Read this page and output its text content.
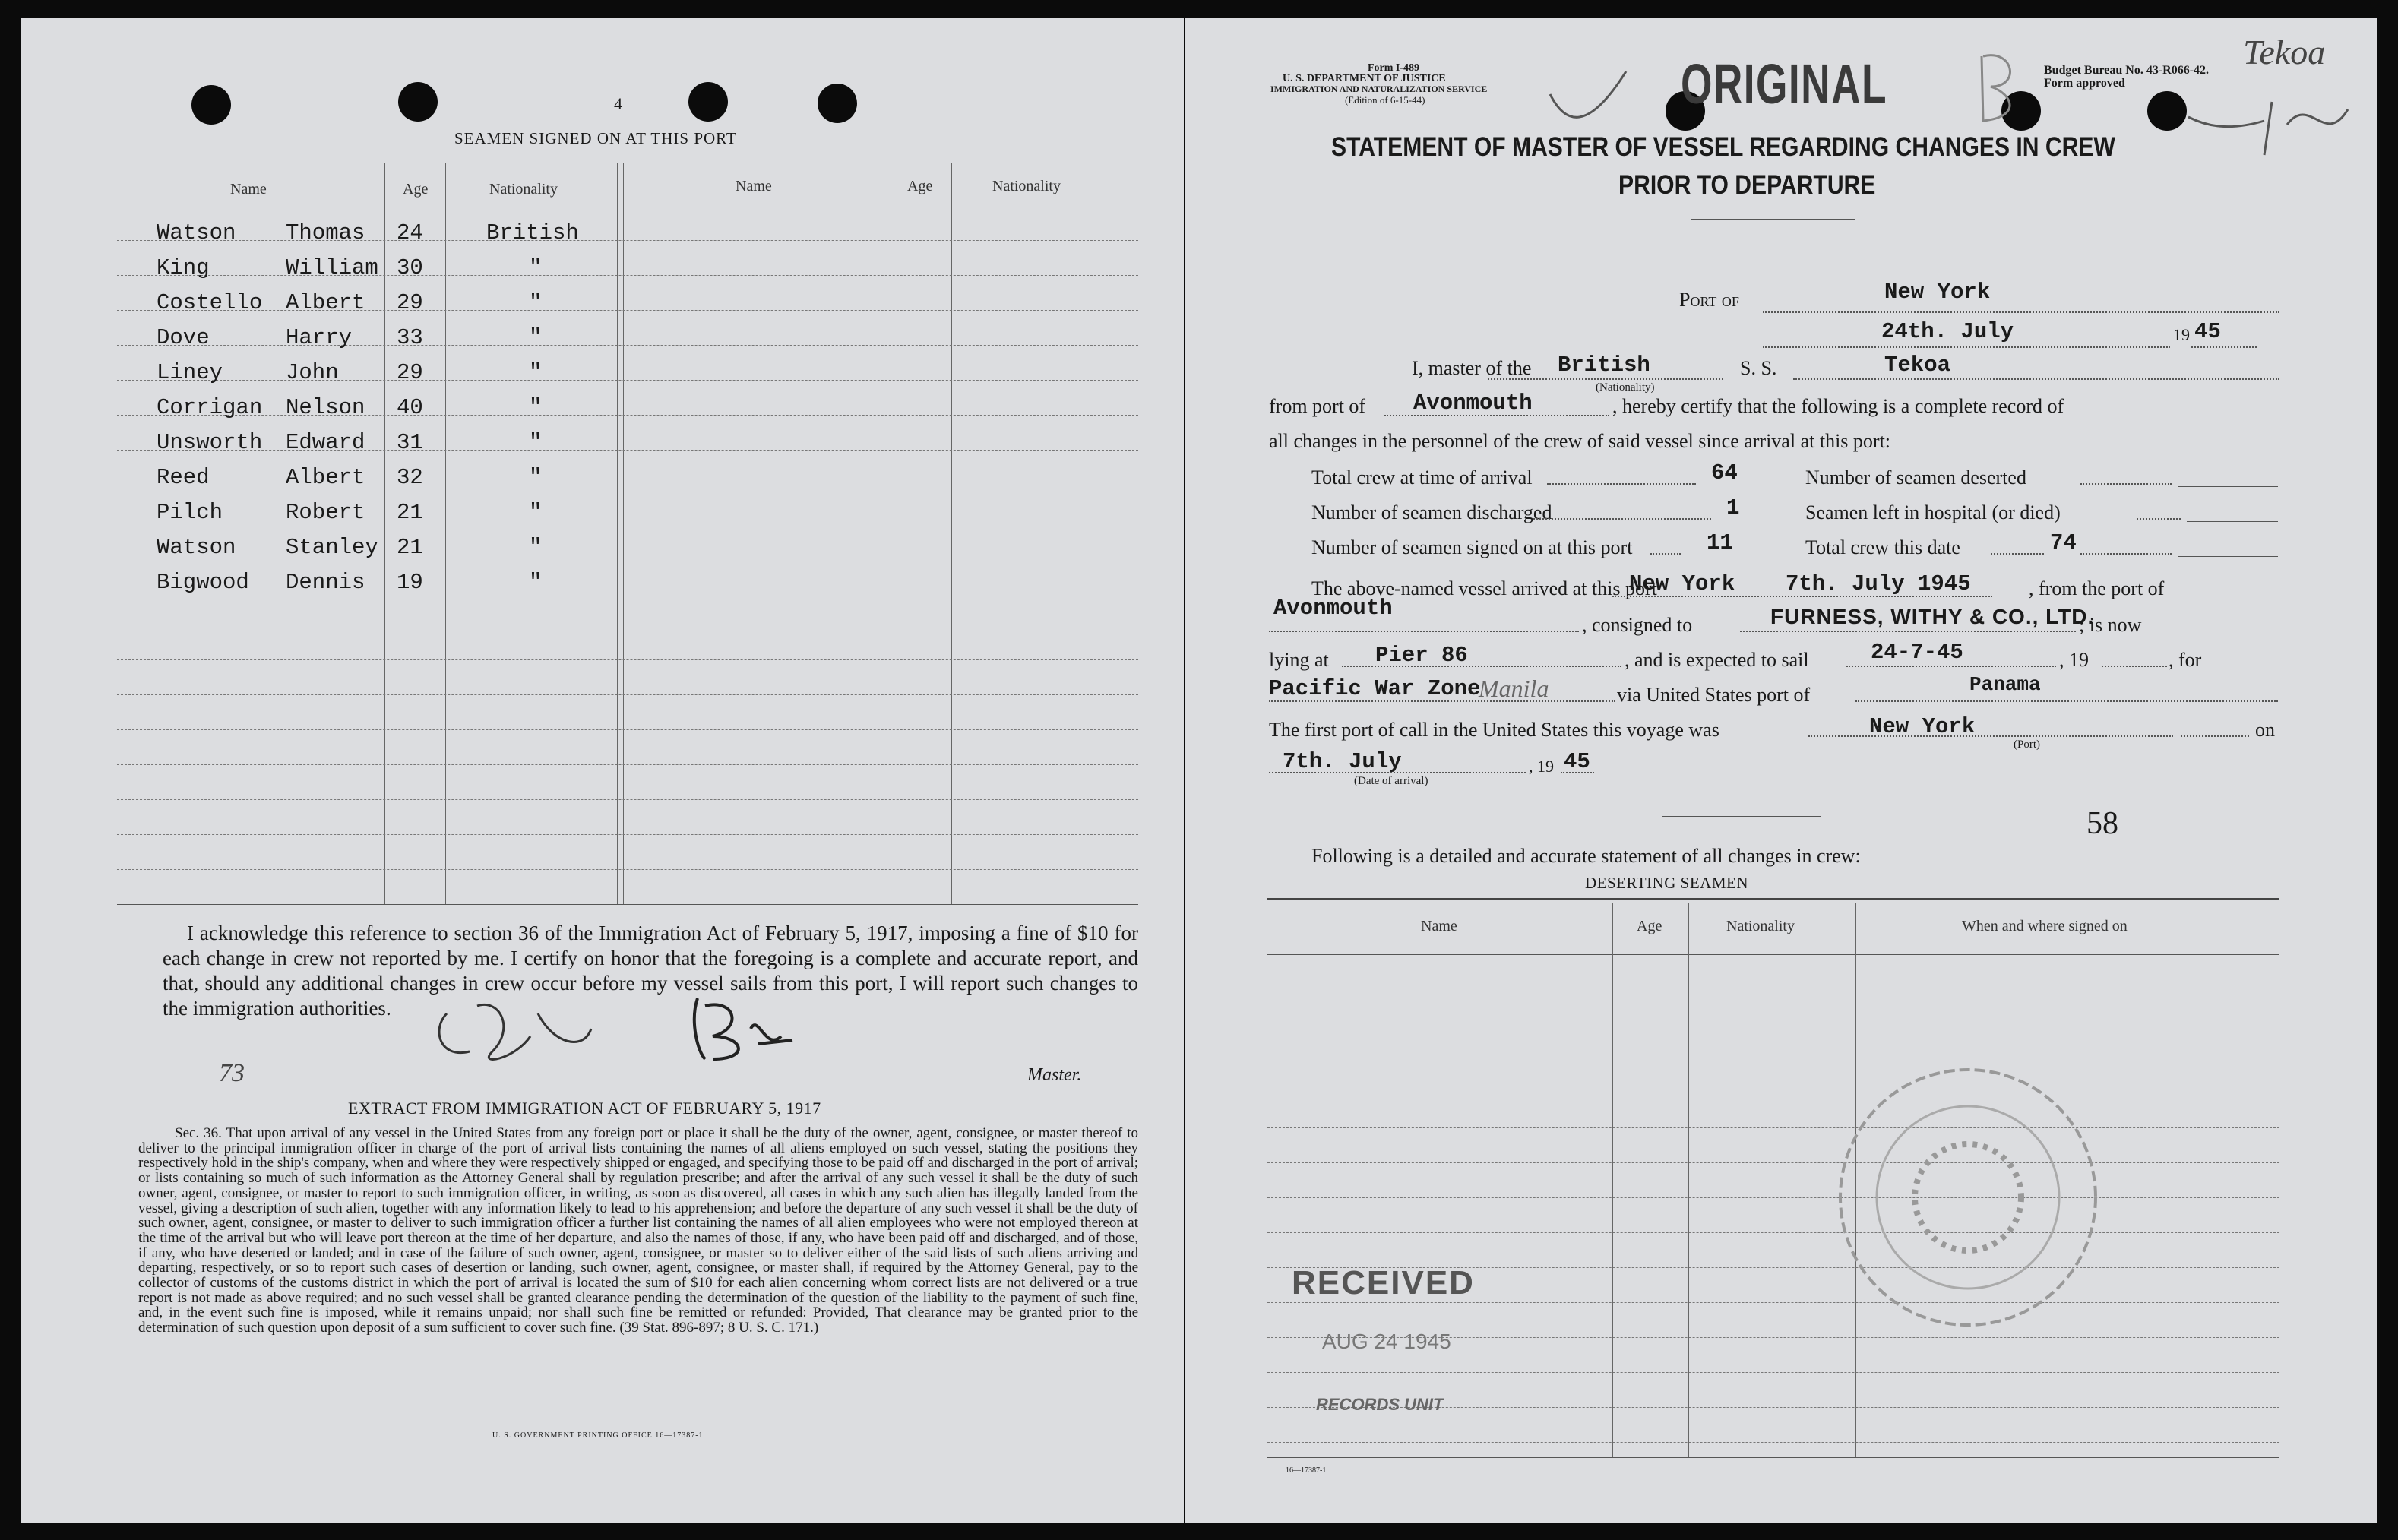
4
SEAMEN SIGNED ON AT THIS PORT
Name	Age	Nationality	Name	Age	Nationality
Watson Thomas 24	British
King	William 30	"
Costello Albert 29	"
Dove	Harry 33	"
Liney	John	29	"
Corrigan Nelson 40	"
Unsworth Edward 31	"
Reed	Albert 32	"
Pilch	Robert 21	"
Watson Stanley 21	"
Bigwood Dennis 19	"
I acknowledge this reference to section 36 of the Immigration Act of February 5, 1917, imposing a fine of $10 for each change in crew not reported by me. I certify on honor that the foregoing is a complete and accurate report, and that, should any additional changes in crew occur before my vessel sails from this port, I will report such changes to the immigration authorities.
73	Master.
EXTRACT FROM IMMIGRATION ACT OF FEBRUARY 5, 1917
Sec. 36. That upon arrival of any vessel in the United States from any foreign port or place it shall be the duty of the owner, agent, consignee, or master thereof to deliver to the principal immigration officer in charge of the port of arrival lists containing the names of all aliens employed on such vessel, stating the positions they respectively hold in the ship's company, when and where they were respectively shipped or engaged, and specifying those to be paid off and discharged in the port of arrival; or lists containing so much of such information as the Attorney General shall by regulation prescribe; and after the arrival of any such vessel it shall be the duty of such owner, agent, consignee, or master to report to such immigration officer, in writing, as soon as discovered, all cases in which any such alien has illegally landed from the vessel, giving a description of such alien, together with any information likely to lead to his apprehension; and before the departure of any such vessel it shall be the duty of such owner, agent, consignee, or master to deliver to such immigration officer a further list containing the names of all alien employees who were not employed thereon at the time of the arrival but who will leave port thereon at the time of her departure, and also the names of those, if any, who have been paid off and discharged, and of those, if any, who have deserted or landed; and in case of the failure of such owner, agent, consignee, or master so to deliver either of the said lists of such aliens arriving and departing, respectively, or so to report such cases of desertion or landing, such owner, agent, consignee, or master shall, if required by the Attorney General, pay to the collector of customs of the customs district in which the port of arrival is located the sum of $10 for each alien concerning whom correct lists are not delivered or a true report is not made as above required; and no such vessel shall be granted clearance pending the determination of the question of the liability to the payment of such fine, and, in the event such fine is imposed, while it remains unpaid; nor shall such fine be remitted or refunded: Provided, That clearance may be granted prior to the determination of such question upon deposit of a sum sufficient to cover such fine. (39 Stat. 896-897; 8 U. S. C. 171.)
U. S. GOVERNMENT PRINTING OFFICE 16—17387-1
Form I-489
U. S. DEPARTMENT OF JUSTICE
IMMIGRATION AND NATURALIZATION SERVICE
(Edition of 6-15-44)	ORIGINAL	Budget Bureau No. 43-R066-42.
Form approved
Tekoa
STATEMENT OF MASTER OF VESSEL REGARDING CHANGES IN CREW
PRIOR TO DEPARTURE
Port of	New York
24th. July	19 45
I, master of the British
(Nationality)
S. S.	Tekoa
from port of Avonmouth	, hereby certify that the following is a complete record of
all changes in the personnel of the crew of said vessel since arrival at this port:
Total crew at time of arrival	64	Number of seamen deserted
Number of seamen discharged	1	Seamen left in hospital (or died)
Number of seamen signed on at this port	11	Total crew this date	74
The above-named vessel arrived at this port
New York 7th. July 1945	, from the port of
Avonmouth
, consigned to	FURNESS, WITHY & CO., LTD.
; is now
lying at Pier 86	, and is expected to sail	24-7-45	, 19	, for
Pacific War Zone
Manila	via United States port of	Panama
The first port of call in the United States this voyage was	New York
(Port)
on
7th. July	, 19 45
(Date of arrival)
58
Following is a detailed and accurate statement of all changes in crew:
DESERTING SEAMEN
Name	Age	Nationality	When and where signed on
RECEIVED
AUG 24 1945
RECORDS UNIT
16—17387-1
